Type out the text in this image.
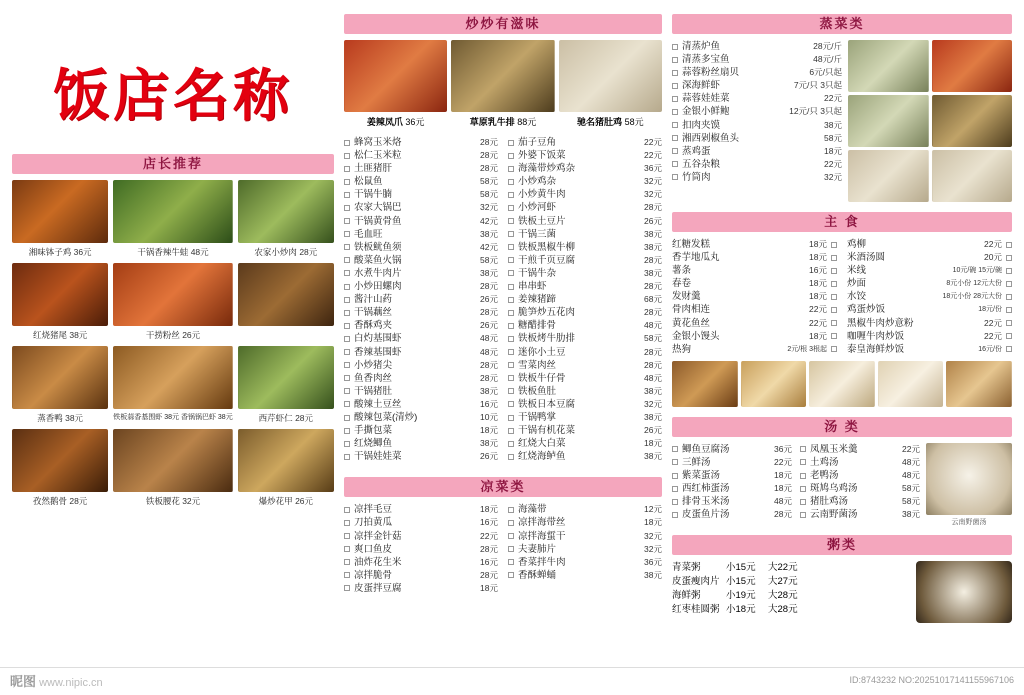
饭店名称
店长推荐
湘味钵子鸡 36元	干锅香辣牛蛙 48元	农家小炒肉 28元
红烧猪尾 38元	干捞粉丝 26元
蒸香鸭 38元	铁板蒜香基围虾 38元 香锅锅巴虾 38元	西芹虾仁 28元
孜然鹅骨 28元	铁板腰花 32元	爆炒花甲 26元
炒炒有滋味
姜辣凤爪 36元	草原乳牛排 88元	驰名猪肚鸡 58元
蜂窝玉米烙	28元
松仁玉米粒	28元
土匪猪肝	28元
松鼠鱼	58元
干锅牛腩	58元
农家大锅巴	32元
干锅黄骨鱼	42元
毛血旺	38元
铁板鱿鱼须	42元
酸菜鱼火锅	58元
水煮牛肉片	38元
小炒田螺肉	28元
酱汁山药	26元
干锅藕丝	28元
香酥鸡夹	26元
白灼基围虾	48元
香辣基围虾	48元
小炒猪尖	28元
鱼香肉丝	28元
干锅猪肚	38元
酸辣土豆丝	16元
酸辣包菜(清炒)	10元
手撕包菜	18元
红烧鲫鱼	38元
干锅娃娃菜	26元
茄子豆角	22元
外婆下饭菜	22元
海藻带炒鸡杂	36元
小炒鸡杂	32元
小炒黄牛肉	32元
小炒河虾	28元
铁板土豆片	26元
干锅三菌	38元
铁板黑椒牛柳	38元
干煎千页豆腐	28元
干锅牛杂	38元
串串虾	28元
姜辣猪蹄	68元
脆笋炒五花肉	28元
糖醋排骨	48元
铁板烤牛肋排	58元
迷你小土豆	28元
雪菜肉丝	28元
铁板牛仔骨	48元
铁板鱼肚	38元
铁板日本豆腐	32元
干锅鸭掌	38元
干锅有机花菜	26元
红烧大白菜	18元
红烧海鲈鱼	38元
凉菜类
凉拌毛豆	18元
刀拍黄瓜	16元
凉拌金针菇	22元
爽口鱼皮	28元
油炸花生米	16元
凉拌脆骨	28元
皮蛋拌豆腐	18元
海藻带	12元
凉拌海带丝	18元
凉拌海蜇干	32元
夫妻肺片	32元
香菜拌牛肉	36元
香酥蝉蛹	38元
蒸菜类
清蒸炉鱼	28元/斤
清蒸多宝鱼	48元/斤
蒜蓉粉丝扇贝	6元/只起
深海鲜虾	7元/只 3只起
蒜蓉娃娃菜	22元
金银小鲜鲍	12元/只 3只起
扣肉夹馍	38元
湘西剁椒鱼头	58元
蒸鸡蛋	18元
五谷杂粮	22元
竹筒肉	32元
主 食
红糖发糕	18元
香芋地瓜丸	18元
薯条	16元
春卷	18元
发财羹	18元
骨肉相连	22元
黄花鱼丝	22元
金银小馒头	18元
热狗	2元/根 3根起
鸡柳	22元
米酒汤圆	20元
米线	10元/碗 15元/碗
炒面	8元小份 12元大份
水饺	18元小份 28元大份
鸡蛋炒饭	18元/份
黑椒牛肉炒意粉	22元
咖喱牛肉炒饭	22元
泰皇海鲜炒饭	16元/份
汤 类
鲫鱼豆腐汤	36元
三鲜汤	22元
紫菜蛋汤	18元
西红柿蛋汤	18元
排骨玉米汤	48元
皮蛋鱼片汤	28元
凤凰玉米羹	22元
土鸡汤	48元
老鸭汤	48元
斑鸠乌鸡汤	58元
猪肚鸡汤	58元
云南野菌汤	38元
云南野菌汤
粥类
青菜粥	小15元	大22元
皮蛋瘦肉片 小15元	大27元
海鲜粥	小19元	大28元
红枣桂圆粥 小18元	大28元
昵图 www.nipic.cn	ID:8743232 NO:20251017141155967106
